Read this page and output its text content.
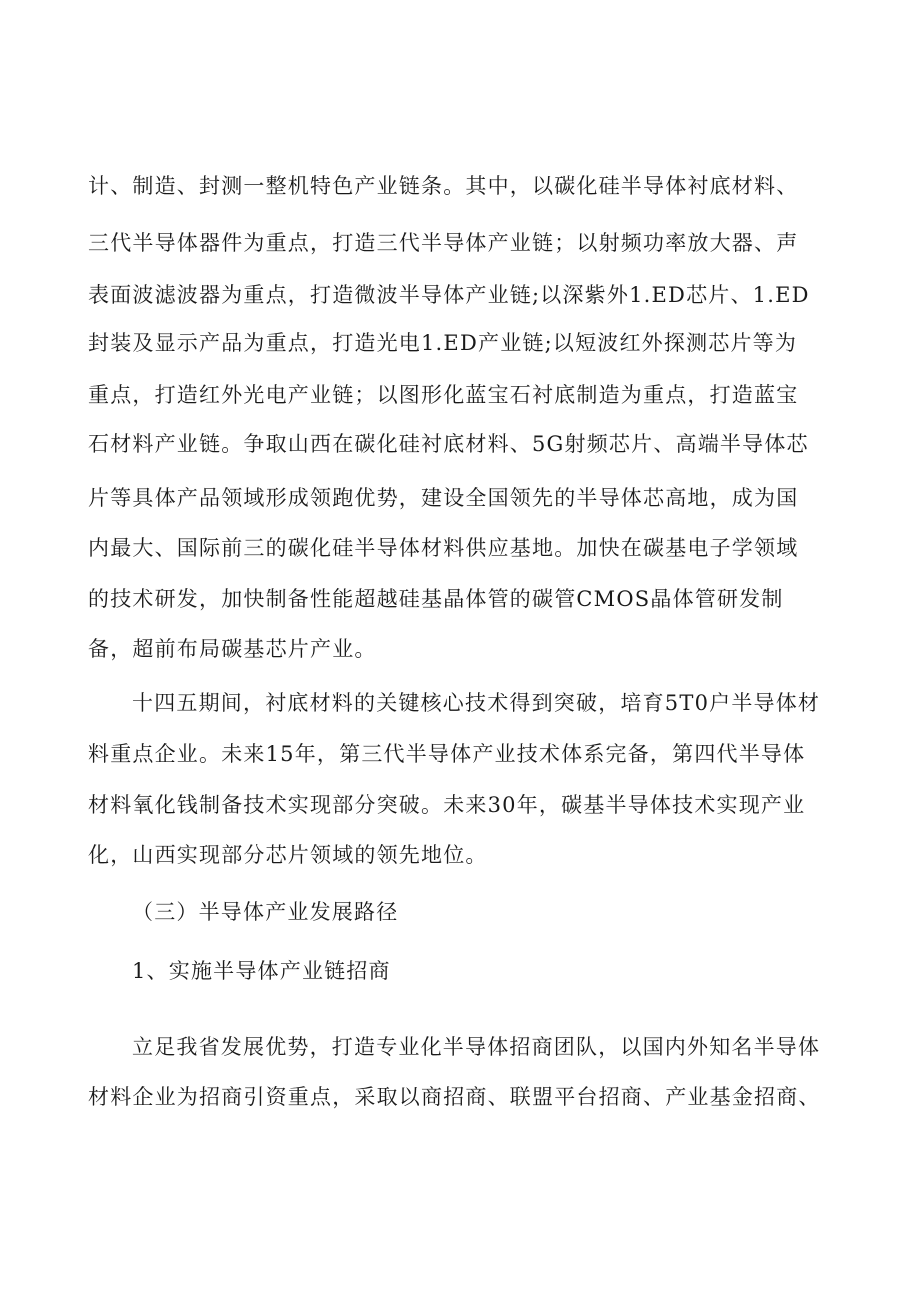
计、制造、封测一整机特色产业链条。其中，以碳化硅半导体衬底材料、
三代半导体器件为重点，打造三代半导体产业链；以射频功率放大器、声
表面波滤波器为重点，打造微波半导体产业链;以深紫外1.ED芯片、1.ED
封装及显示产品为重点，打造光电1.ED产业链;以短波红外探测芯片等为
重点，打造红外光电产业链；以图形化蓝宝石衬底制造为重点，打造蓝宝
石材料产业链。争取山西在碳化硅衬底材料、5G射频芯片、高端半导体芯
片等具体产品领域形成领跑优势，建设全国领先的半导体芯高地，成为国
内最大、国际前三的碳化硅半导体材料供应基地。加快在碳基电子学领域
的技术研发，加快制备性能超越硅基晶体管的碳管CMOS晶体管研发制
备，超前布局碳基芯片产业。
十四五期间，衬底材料的关键核心技术得到突破，培育5T0户半导体材
料重点企业。未来15年，第三代半导体产业技术体系完备，第四代半导体
材料氧化钱制备技术实现部分突破。未来30年，碳基半导体技术实现产业
化，山西实现部分芯片领域的领先地位。
（三）半导体产业发展路径
1、实施半导体产业链招商
立足我省发展优势，打造专业化半导体招商团队，以国内外知名半导体
材料企业为招商引资重点，采取以商招商、联盟平台招商、产业基金招商、
